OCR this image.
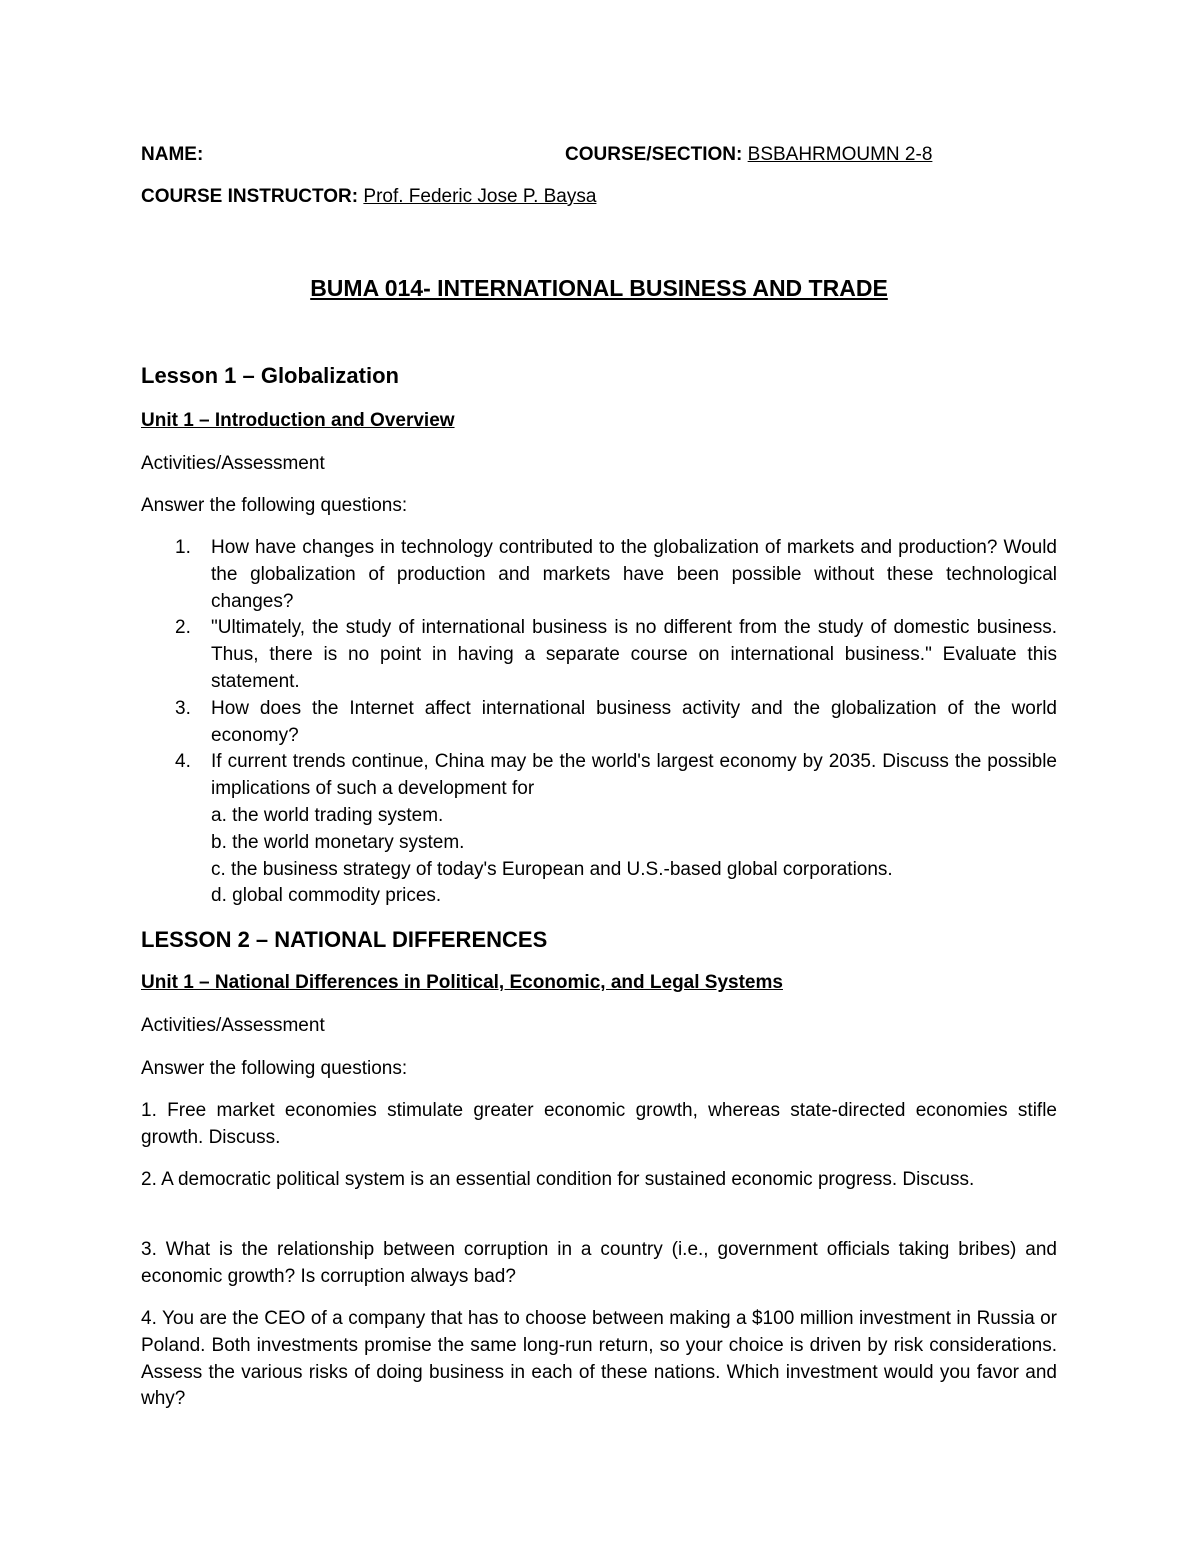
NAME:	COURSE/SECTION: BSBAHRMOUMN 2-8
COURSE INSTRUCTOR: Prof. Federic Jose P. Baysa
BUMA 014- INTERNATIONAL BUSINESS AND TRADE
Lesson 1 – Globalization
Unit 1 – Introduction and Overview
Activities/Assessment
Answer the following questions:
1. How have changes in technology contributed to the globalization of markets and production? Would the globalization of production and markets have been possible without these technological changes?
2. "Ultimately, the study of international business is no different from the study of domestic business. Thus, there is no point in having a separate course on international business." Evaluate this statement.
3. How does the Internet affect international business activity and the globalization of the world economy?
4. If current trends continue, China may be the world's largest economy by 2035. Discuss the possible implications of such a development for
a. the world trading system.
b. the world monetary system.
c. the business strategy of today's European and U.S.-based global corporations.
d. global commodity prices.
LESSON 2 – NATIONAL DIFFERENCES
Unit 1 – National Differences in Political, Economic, and Legal Systems
Activities/Assessment
Answer the following questions:

1. Free market economies stimulate greater economic growth, whereas state-directed economies stifle growth. Discuss.

2. A democratic political system is an essential condition for sustained economic progress. Discuss.

3. What is the relationship between corruption in a country (i.e., government officials taking bribes) and economic growth? Is corruption always bad?

4. You are the CEO of a company that has to choose between making a $100 million investment in Russia or Poland. Both investments promise the same long-run return, so your choice is driven by risk considerations. Assess the various risks of doing business in each of these nations. Which investment would you favor and why?
